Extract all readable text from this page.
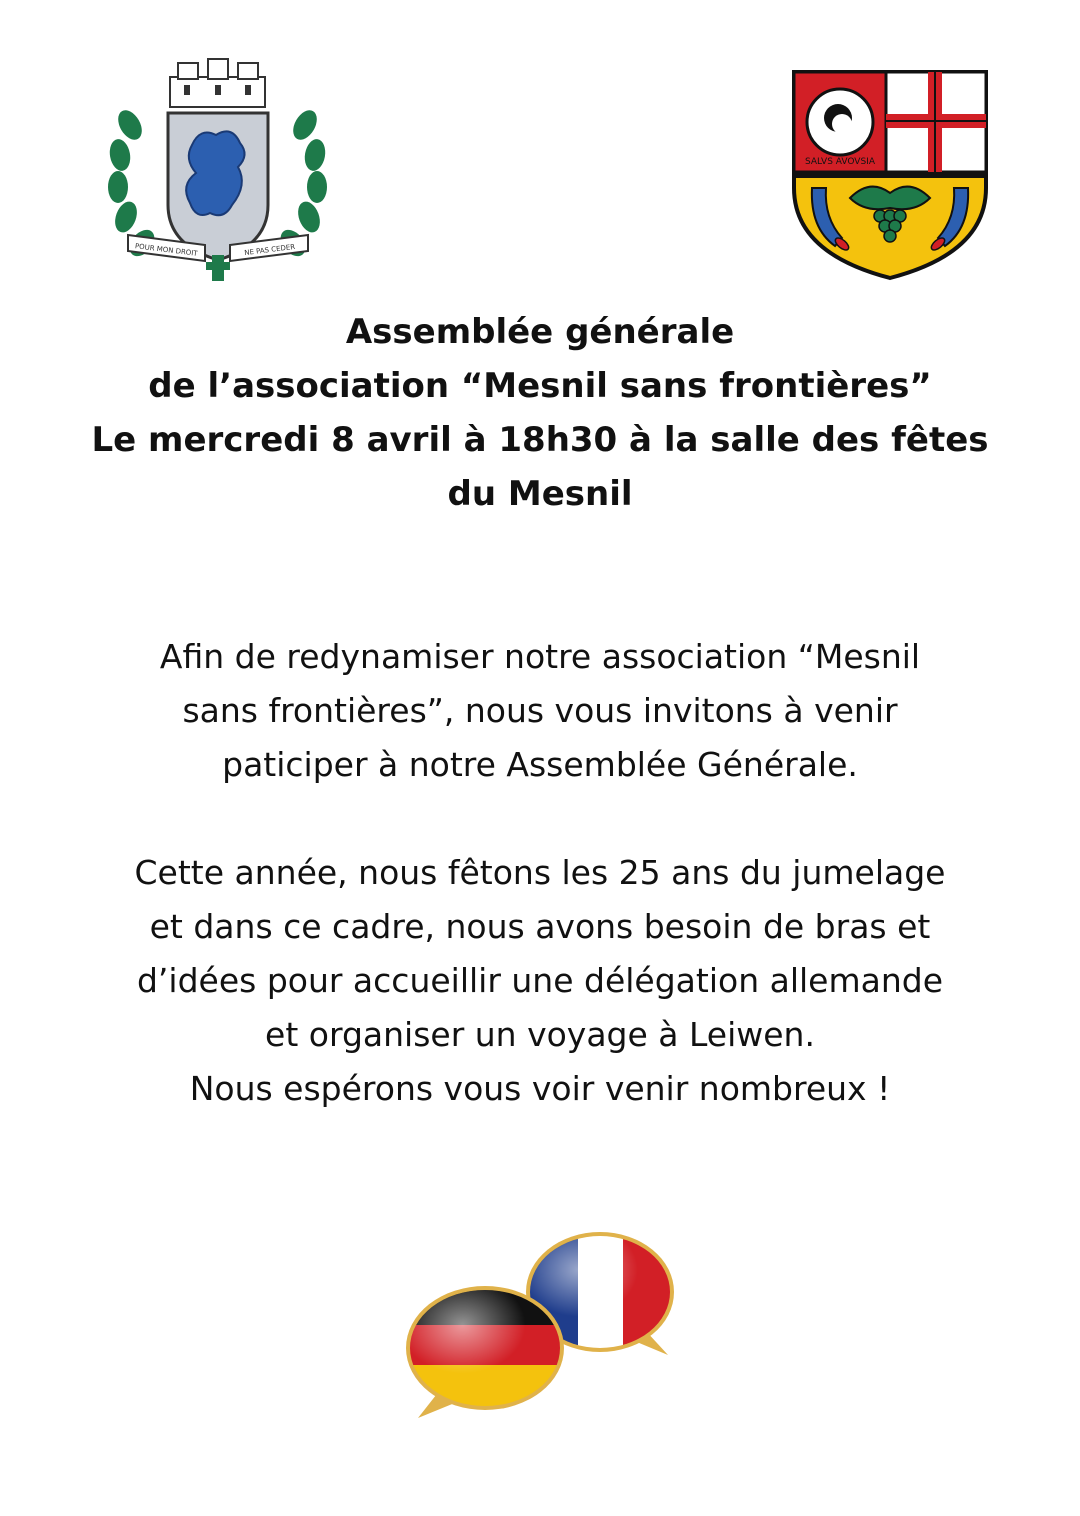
POUR MON DROIT	NE PAS CEDER
SALVS AVOVSIA
Assemblée générale
de l’association “Mesnil sans frontières”
Le mercredi 8 avril à 18h30 à la salle des fêtes
du Mesnil
Afin de redynamiser notre association “Mesnil
sans frontières”, nous vous invitons à venir
paticiper à notre Assemblée Générale.
Cette année, nous fêtons les 25 ans du jumelage
et dans ce cadre, nous avons besoin de bras et
d’idées pour accueillir une délégation allemande
et organiser un voyage à Leiwen.
Nous espérons vous voir venir nombreux !
